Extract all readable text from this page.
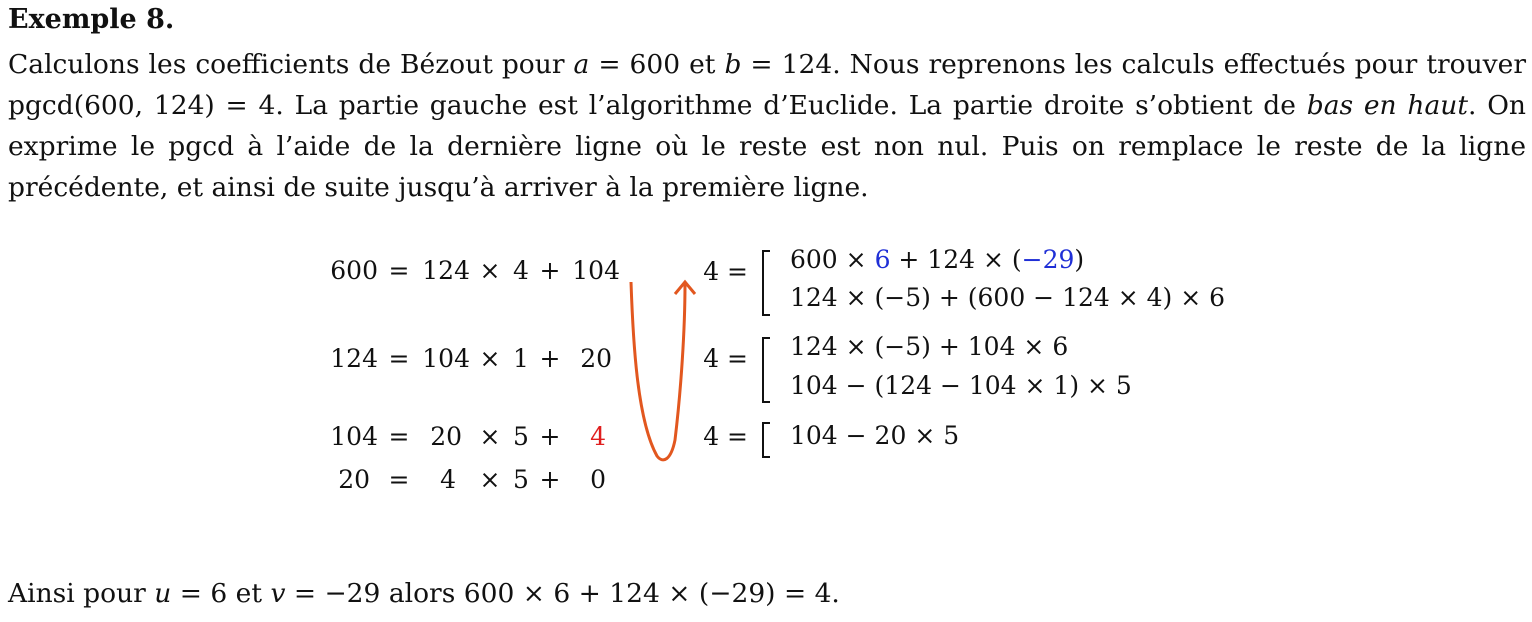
Exemple 8.
Calculons les coefficients de Bézout pour a = 600 et b = 124. Nous reprenons les calculs effectués pour trouver pgcd(600, 124) = 4. La partie gauche est l’algorithme d’Euclide. La partie droite s’obtient de bas en haut. On exprime le pgcd à l’aide de la dernière ligne où le reste est non nul. Puis on remplace le reste de la ligne précédente, et ainsi de suite jusqu’à arriver à la première ligne.
600 = 124 × 4 + 104
124 = 104 × 1 + 20
104 = 20 × 5 +	4
20 =	4 × 5 +	0
4 = 600 × 6 + 124 × (−29)
124 × (−5) + (600 − 124 × 4) × 6
4 = 124 × (−5) + 104 × 6
104 − (124 − 104 × 1) × 5
4 = 104 − 20 × 5
Ainsi pour u = 6 et v = −29 alors 600 × 6 + 124 × (−29) = 4.
